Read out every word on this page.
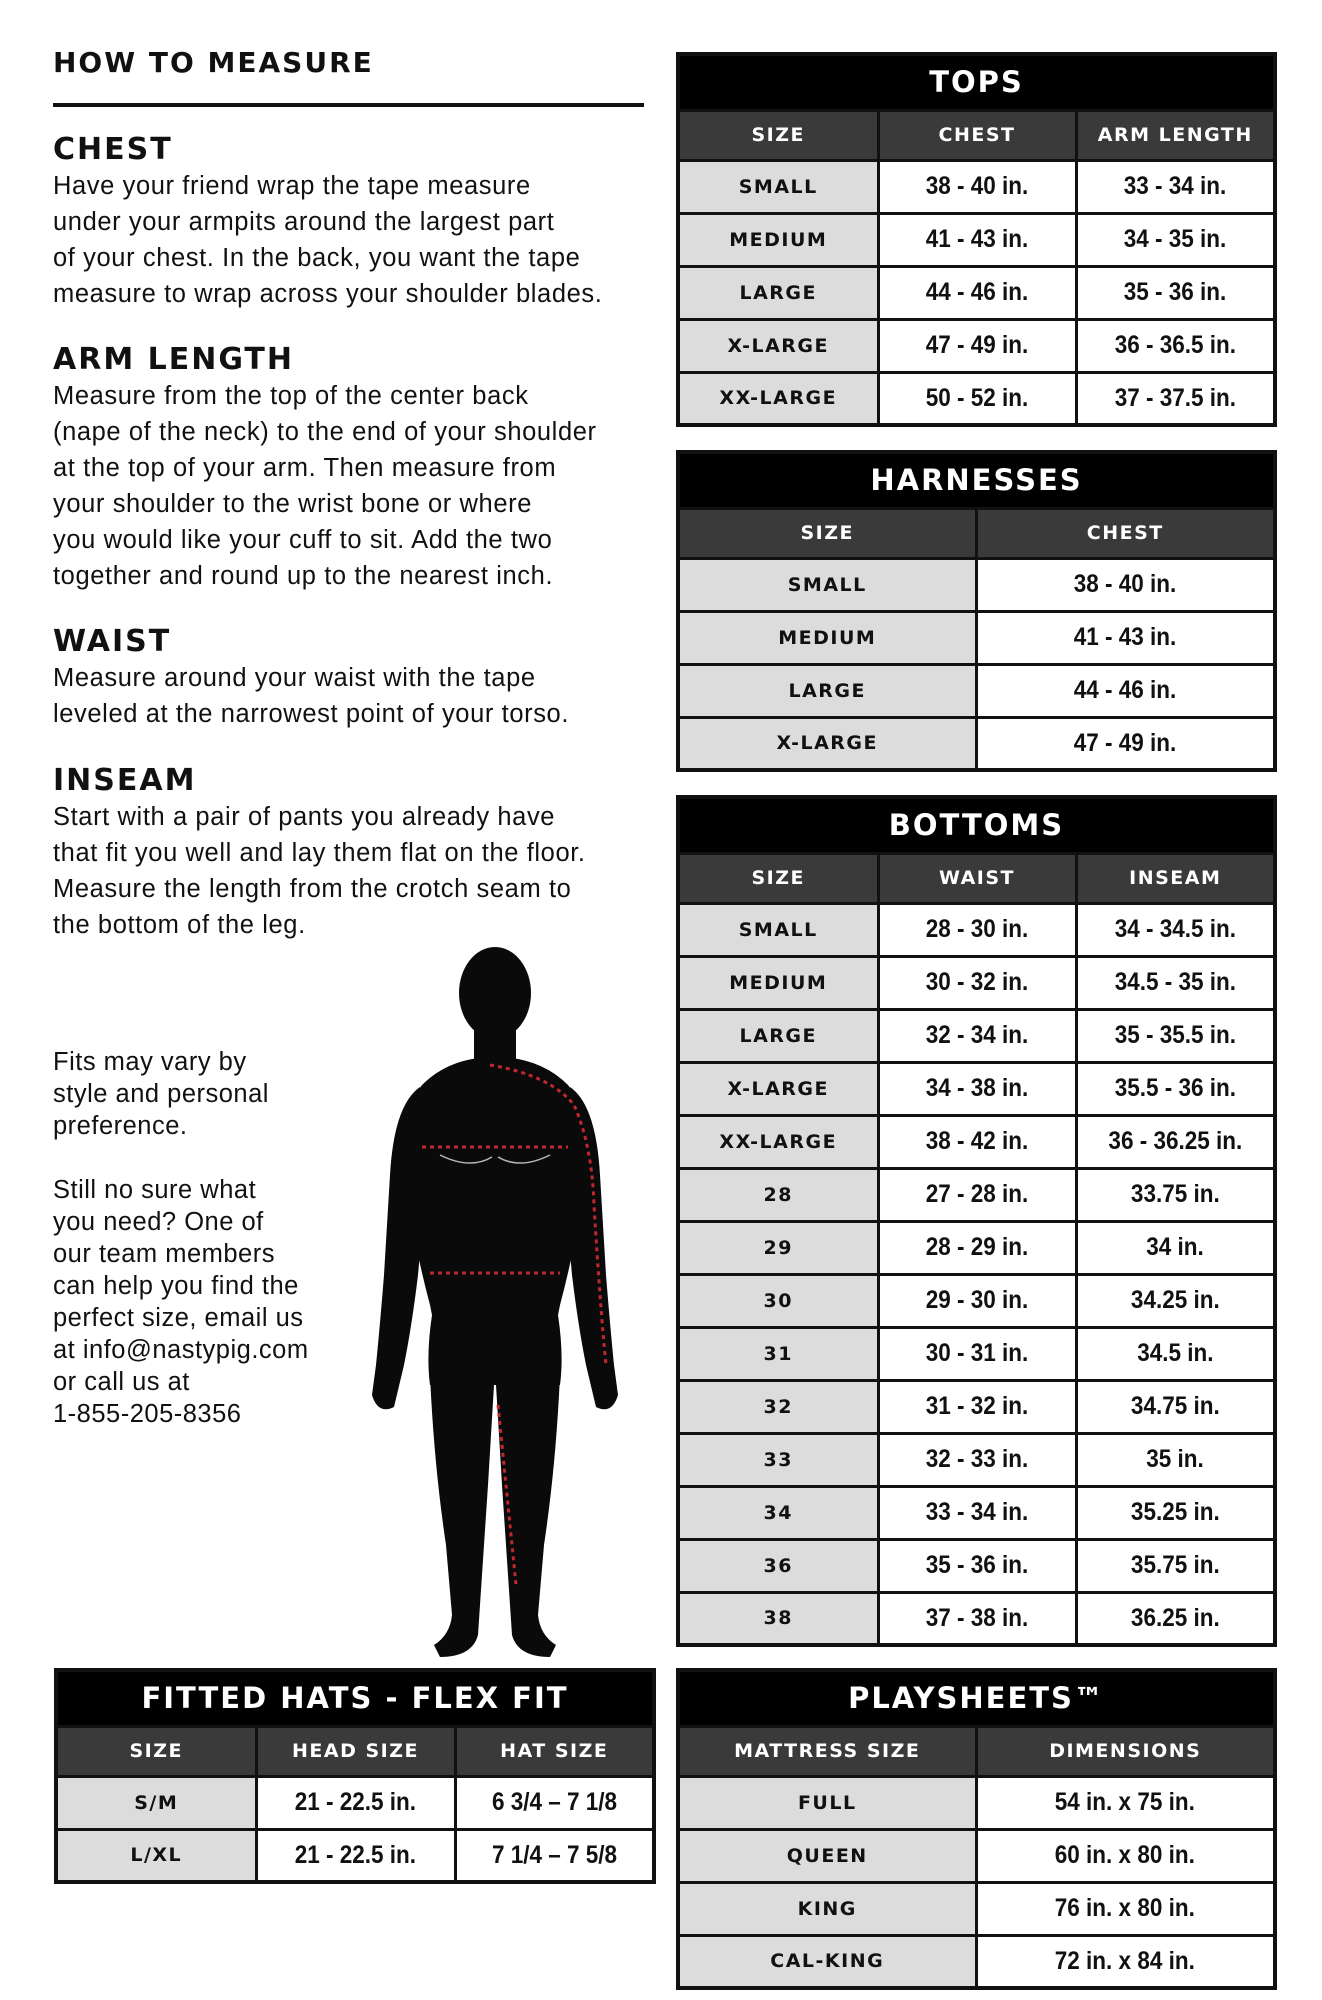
HOW TO MEASURE
CHEST

Have your friend wrap the tape measure

under your armpits around the largest part

of your chest. In the back, you want the tape

measure to wrap across your shoulder blades.

ARM LENGTH

Measure from the top of the center back

(nape of the neck) to the end of your shoulder

at the top of your arm. Then measure from

your shoulder to the wrist bone or where

you would like your cuff to sit. Add the two

together and round up to the nearest inch.

WAIST

Measure around your waist with the tape

leveled at the narrowest point of your torso.

INSEAM

Start with a pair of pants you already have

that fit you well and lay them flat on the floor.

Measure the length from the crotch seam to

the bottom of the leg.

Fits may vary by
style and personal
preference.
Still no sure what
you need? One of
our team members
can help you find the
perfect size, email us
at info@nastypig.com
or call us at
1-855-205-8356
TOPS		
SIZE	CHEST	ARM LENGTH
SMALL	38 - 40 in.	33 - 34 in.
MEDIUM	41 - 43 in.	34 - 35 in.
LARGE	44 - 46 in.	35 - 36 in.
X-LARGE	47 - 49 in.	36 - 36.5 in.
XX-LARGE	50 - 52 in.	37 - 37.5 in.
HARNESSES	
SIZE	CHEST
SMALL	38 - 40 in.
MEDIUM	41 - 43 in.
LARGE	44 - 46 in.
X-LARGE	47 - 49 in.
BOTTOMS		
SIZE	WAIST	INSEAM
SMALL	28 - 30 in.	34 - 34.5 in.
MEDIUM	30 - 32 in.	34.5 - 35 in.
LARGE	32 - 34 in.	35 - 35.5 in.
X-LARGE	34 - 38 in.	35.5 - 36 in.
XX-LARGE	38 - 42 in.	36 - 36.25 in.
28	27 - 28 in.	33.75 in.
29	28 - 29 in.	34 in.
30	29 - 30 in.	34.25 in.
31	30 - 31 in.	34.5 in.
32	31 - 32 in.	34.75 in.
33	32 - 33 in.	35 in.
34	33 - 34 in.	35.25 in.
36	35 - 36 in.	35.75 in.
38	37 - 38 in.	36.25 in.
FITTED HATS - FLEX FIT		
SIZE	HEAD SIZE	HAT SIZE
S/M	21 - 22.5 in.	6 3/4 – 7 1/8
L/XL	21 - 22.5 in.	7 1/4 – 7 5/8
PLAYSHEETS™	
MATTRESS SIZE	DIMENSIONS
FULL	54 in. x 75 in.
QUEEN	60 in. x 80 in.
KING	76 in. x 80 in.
CAL-KING	72 in. x 84 in.
